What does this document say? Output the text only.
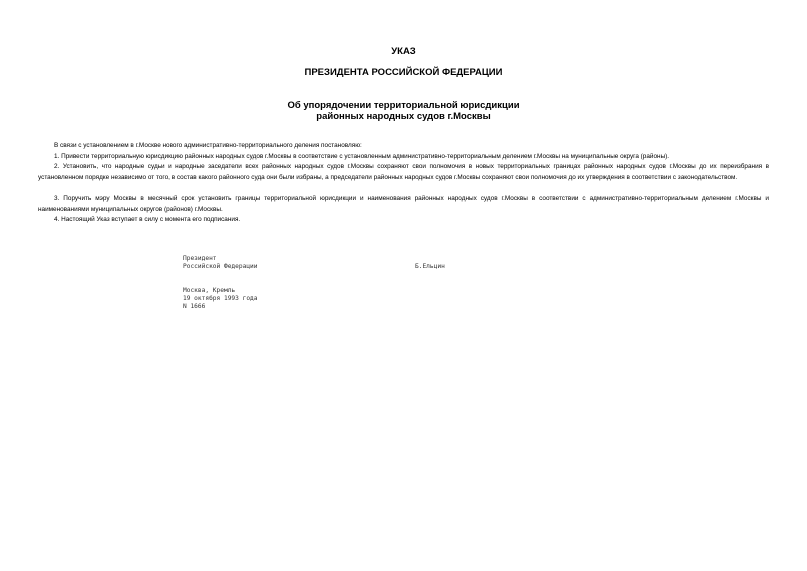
УКАЗ
ПРЕЗИДЕНТА РОССИЙСКОЙ ФЕДЕРАЦИИ
Об упорядочении территориальной юрисдикции
районных народных судов г.Москвы

В связи с установлением в г.Москве нового административно-территориального деления постановляю:

1. Привести территориальную юрисдикцию районных народных судов г.Москвы в соответствие с установленным административно-территориальным делением г.Москвы на муниципальные округа (районы).

2. Установить, что народные судьи и народные заседатели всех районных народных судов г.Москвы сохраняют свои полномочия в новых территориальных границах районных народных судов г.Москвы до их переизбрания в установленном порядке независимо от того, в состав какого районного суда они были избраны, а председатели районных народных судов г.Москвы сохраняют свои полномочия до их утверждения в соответствии с законодательством.

3. Поручить мэру Москвы в месячный срок установить границы территориальной юрисдикции и наименования районных народных судов г.Москвы в соответствии с административно-территориальным делением г.Москвы и наименованиями муниципальных округов (районов) г.Москвы.

4. Настоящий Указ вступает в силу с момента его подписания.

Президент
Российской Федерации	Б.Ельцин
Москва, Кремль
19 октября 1993 года
N 1666
